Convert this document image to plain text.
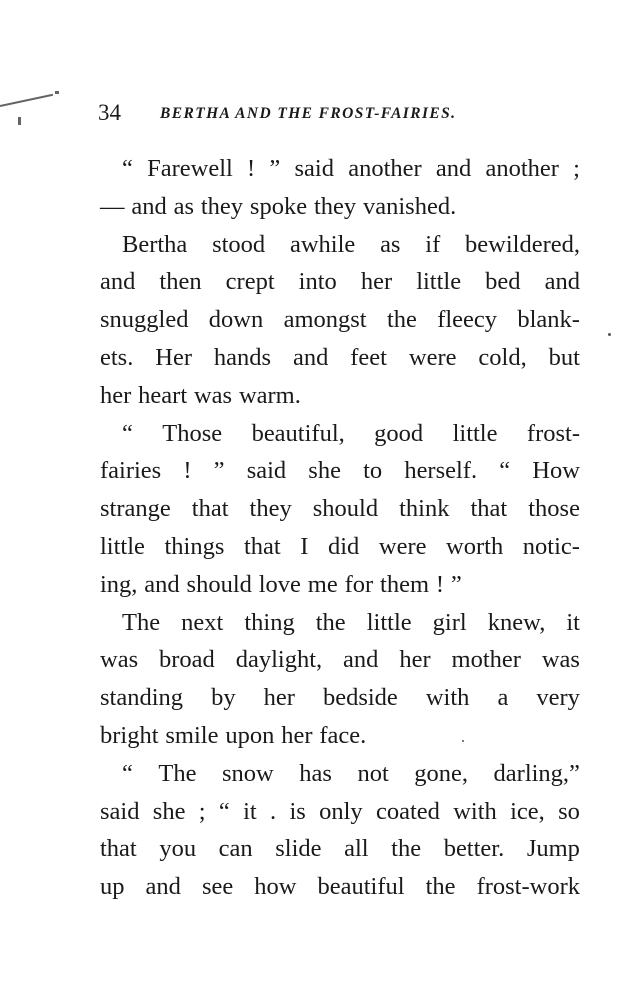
34	BERTHA AND THE FROST-FAIRIES.
“ Farewell ! ” said another and another ;
— and as they spoke they vanished.
Bertha stood awhile as if bewildered,
and then crept into her little bed and
snuggled down amongst the fleecy blank-
ets. Her hands and feet were cold, but
her heart was warm.
“ Those beautiful, good little frost-
fairies ! ” said she to herself. “ How
strange that they should think that those
little things that I did were worth notic-
ing, and should love me for them ! ”
The next thing the little girl knew, it
was broad daylight, and her mother was
standing by her bedside with a very
bright smile upon her face.
“ The snow has not gone, darling,”
said she ; “ it . is only coated with ice, so
that you can slide all the better. Jump
up and see how beautiful the frost-work
